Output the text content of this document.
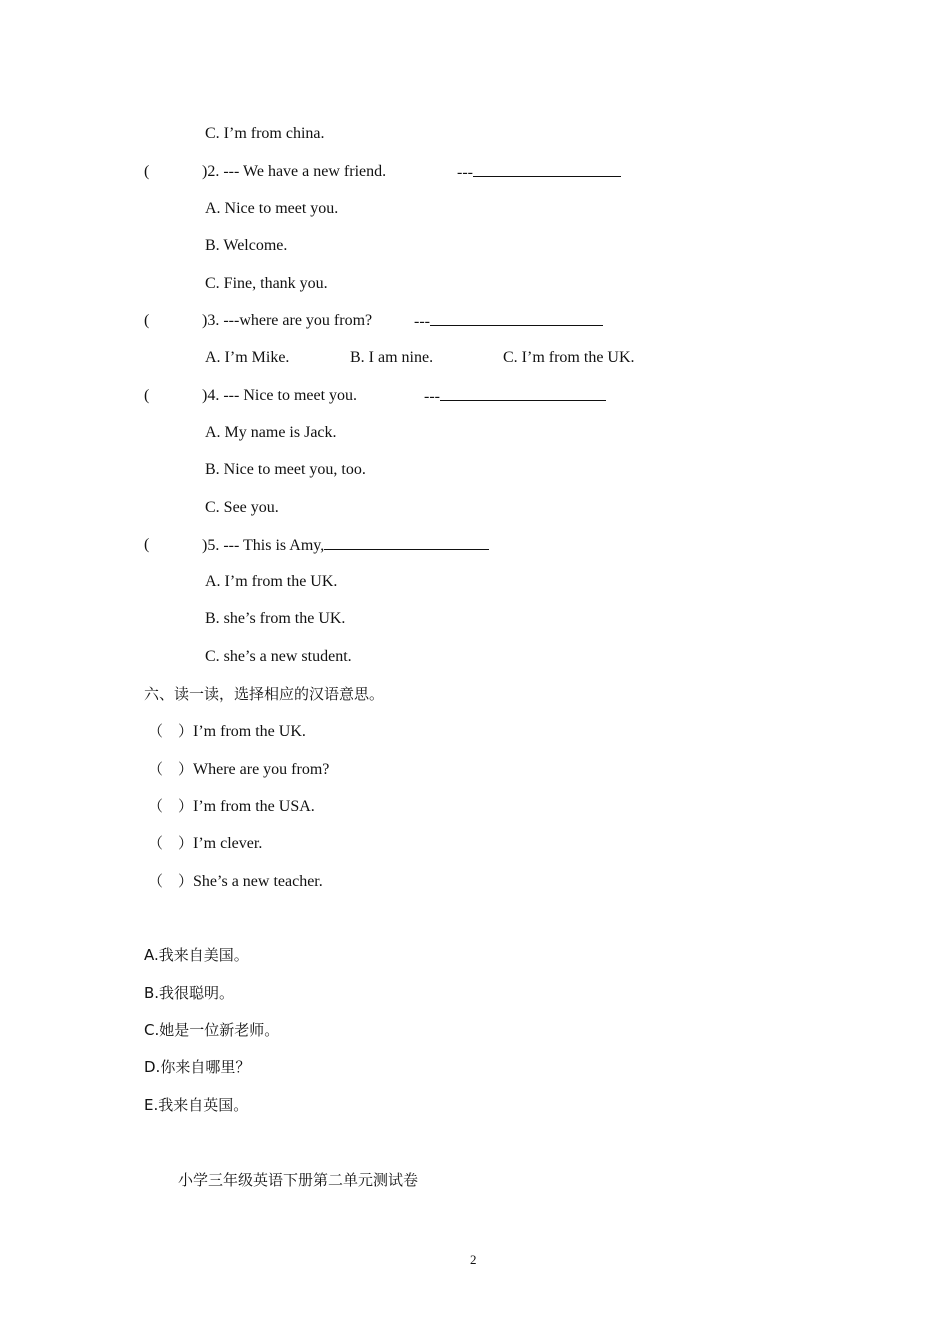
C. I’m from china.
(	)2. --- We have a new friend.	---
A. Nice to meet you.
B. Welcome.
C. Fine, thank you.
(	)3. ---where are you from?	---
A. I’m Mike.	B. I am nine.	C. I’m from the UK.
(	)4. --- Nice to meet you.	---
A. My name is Jack.
B. Nice to meet you, too.
C. See you.
(	)5. --- This is Amy,
A. I’m from the UK.
B. she’s from the UK.
C. she’s a new student.
六、读一读，选择相应的汉语意思。
（　）I’m from the UK.
（　）Where are you from?
（　）I’m from the USA.
（　）I’m clever.
（　）She’s a new teacher.
A.我来自美国。
B.我很聪明。
C.她是一位新老师。
D.你来自哪里？
E.我来自英国。
小学三年级英语下册第二单元测试卷
2
